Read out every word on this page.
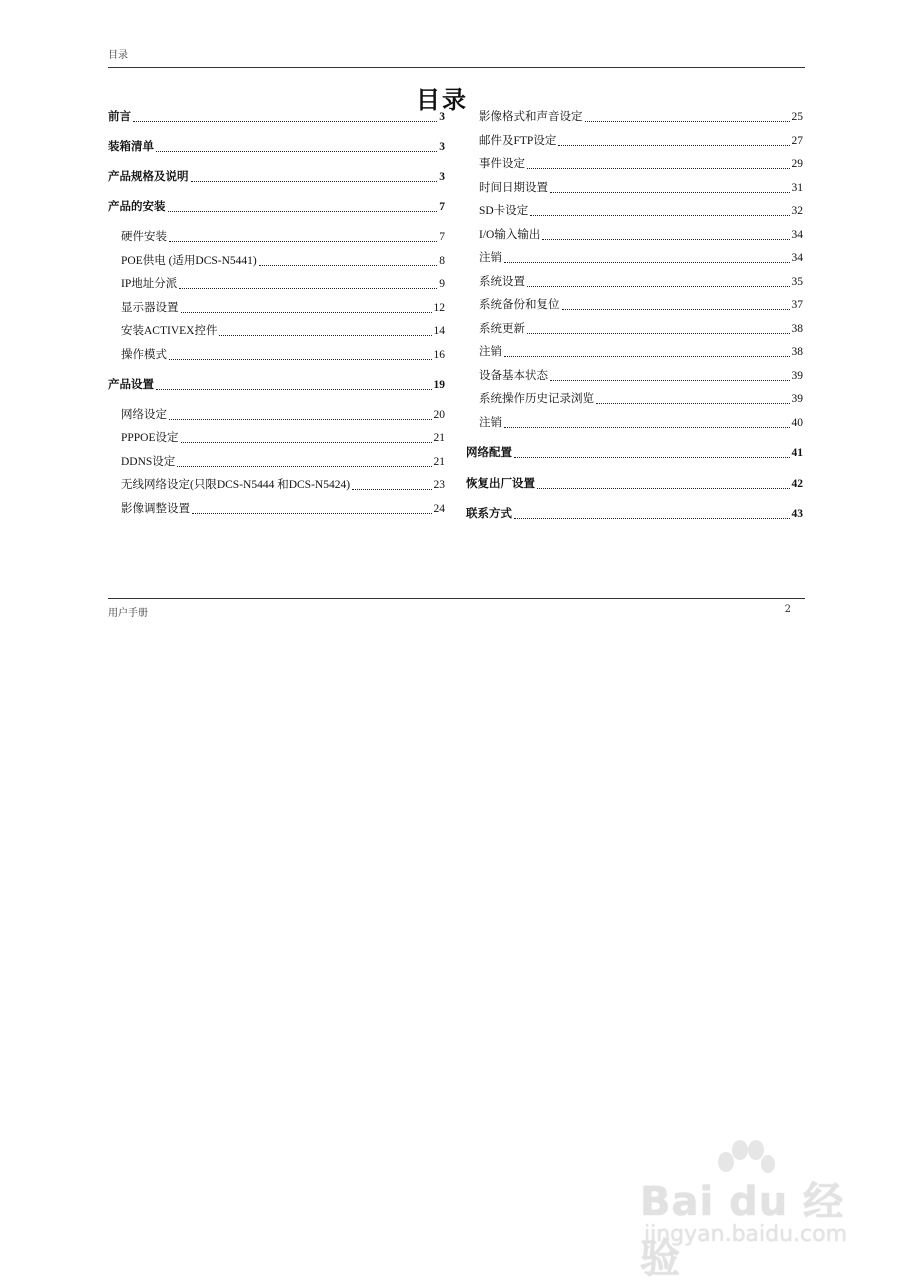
目录
目录
前言	3
装箱清单	3
产品规格及说明	3
产品的安装	7
硬件安装	7
POE供电 (适用DCS-N5441)	8
IP地址分派	9
显示器设置	12
安装ACTIVEX控件	14
操作模式	16
产品设置	19
网络设定	20
PPPOE设定	21
DDNS设定	21
无线网络设定(只限DCS-N5444 和DCS-N5424)	23
影像调整设置	24
影像格式和声音设定	25
邮件及FTP设定	27
事件设定	29
时间日期设置	31
SD卡设定	32
I/O输入输出	34
注销	34
系统设置	35
系统备份和复位	37
系统更新	38
注销	38
设备基本状态	39
系统操作历史记录浏览	39
注销	40
网络配置	41
恢复出厂设置	42
联系方式	43
用户手册	2
Bai du 经验
jingyan.baidu.com
